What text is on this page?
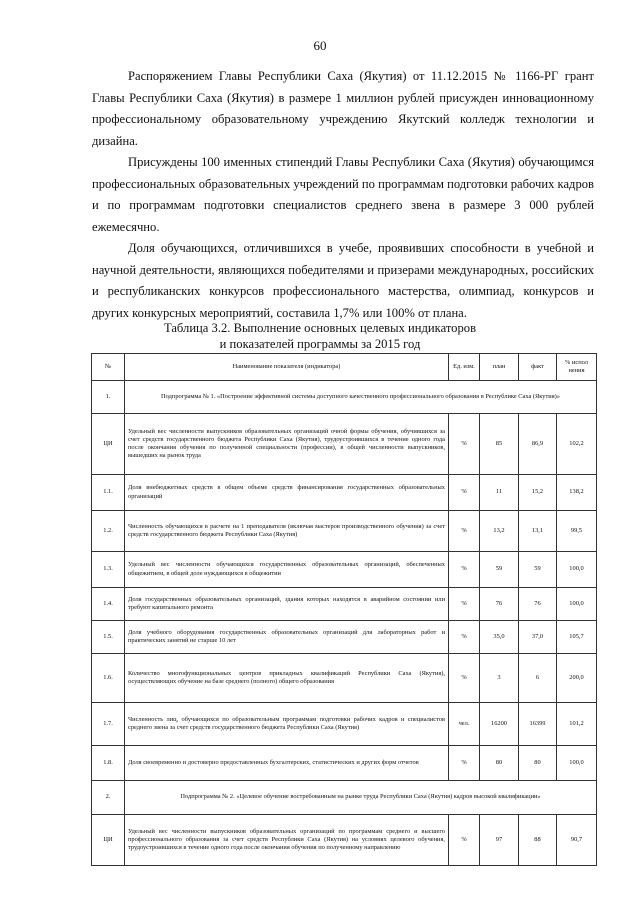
60

Распоряжением Главы Республики Саха (Якутия) от 11.12.2015 № 1166-РГ грант Главы Республики Саха (Якутия) в размере 1 миллион рублей присужден инновационному профессиональному образовательному учреждению Якутский колледж технологии и дизайна.

Присуждены 100 именных стипендий Главы Республики Саха (Якутия) обучающимся профессиональных образовательных учреждений по программам подготовки рабочих кадров и по программам подготовки специалистов среднего звена в размере 3 000 рублей ежемесячно.

Доля обучающихся, отличившихся в учебе, проявивших способности в учебной и научной деятельности, являющихся победителями и призерами международных, российских и республиканских конкурсов профессионального мастерства, олимпиад, конкурсов и других конкурсных мероприятий, составила 1,7% или 100% от плана.

Таблица 3.2. Выполнение основных целевых индикаторов
и показателей программы за 2015 год
№	Наименование показателя (индикатора)	Ед. изм.	план	факт	% испол нения
1.	Подпрограмма № 1. «Построение эффективной системы доступного качественного профессионального образования в Республике Саха (Якутия)»				
ЦИ	Удельный вес численности выпускников образовательных организаций очной формы обучения, обучившихся за счет средств государственного бюджета Республики Саха (Якутия), трудоустроившихся в течение одного года после окончания обучения по полученной специальности (профессии), в общей численности выпускников, вышедших на рынок труда	%	85	86,9	102,2
1.1.	Доля внебюджетных средств в общем объеме средств финансирования государственных образовательных организаций	%	11	15,2	138,2
1.2.	Численность обучающихся в расчете на 1 преподавателя (включая мастеров производственного обучения) за счет средств государственного бюджета Республики Саха (Якутия)	%	13,2	13,1	99,5
1.3.	Удельный вес численности обучающихся государственных образовательных организаций, обеспеченных общежитием, в общей доле нуждающихся в общежитии	%	59	59	100,0
1.4.	Доля государственных образовательных организаций, здания которых находятся в аварийном состоянии или требуют капитального ремонта	%	76	76	100,0
1.5.	Доля учебного оборудования государственных образовательных организаций для лабораторных работ и практических занятий не старше 10 лет	%	35,0	37,0	105,7
1.6.	Количество многофункциональных центров прикладных квалификаций Республики Саха (Якутия), осуществляющих обучение на базе среднего (полного) общего образования	%	3	6	200,0
1.7.	Численность лиц, обучающихся по образовательным программам подготовки рабочих кадров и специалистов среднего звена за счет средств государственного бюджета Республики Саха (Якутия)	чел.	16200	16399	101,2
1.8.	Доля своевременно и достоверно предоставленных бухгалтерских, статистических и других форм отчетов	%	80	80	100,0
2.	Подпрограмма № 2. «Целевое обучение востребованным на рынке труда Республики Саха (Якутия) кадров высокой квалификации»				
ЦИ	Удельный вес численности выпускников образовательных организаций по программам среднего и высшего профессионального образования за счет средств Республики Саха (Якутия) на условиях целевого обучения, трудоустроившихся в течение одного года после окончания обучения по полученному направлению	%	97	88	90,7
